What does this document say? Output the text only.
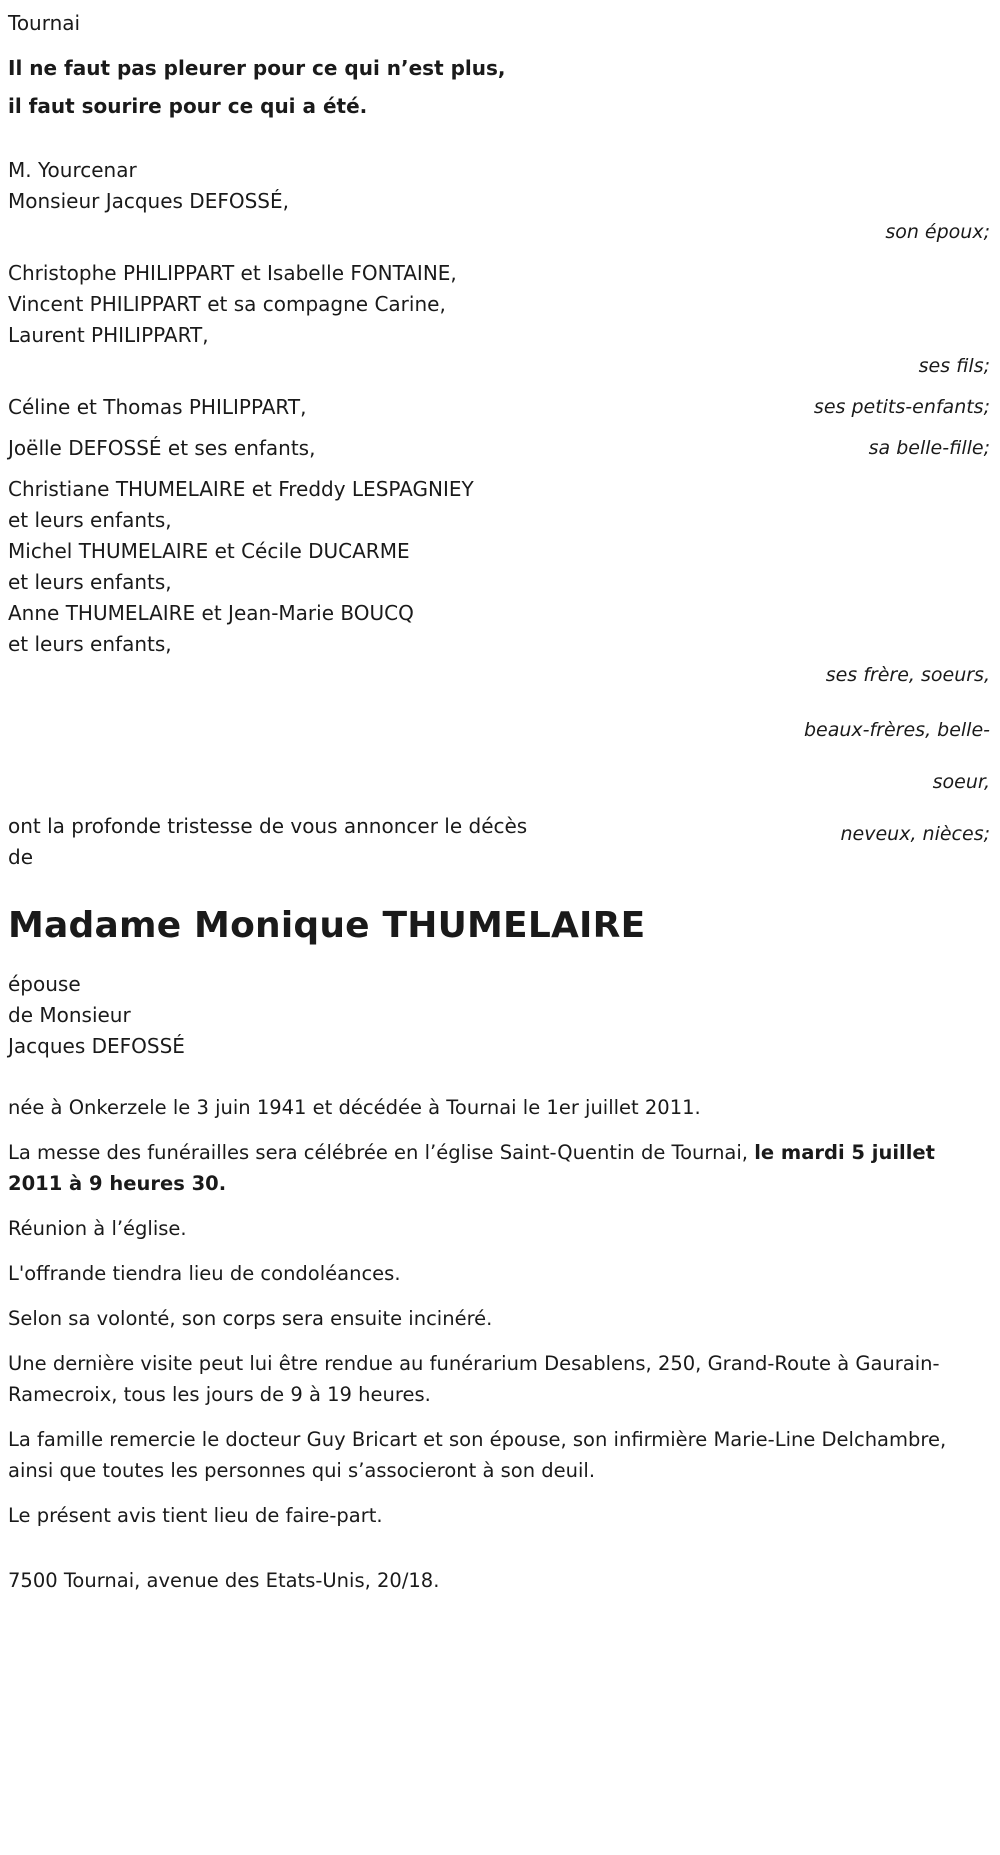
Tournai
Il ne faut pas pleurer pour ce qui n’est plus,
il faut sourire pour ce qui a été.
M. Yourcenar
Monsieur Jacques DEFOSSÉ,
son époux;
Christophe PHILIPPART et Isabelle FONTAINE,
Vincent PHILIPPART et sa compagne Carine,
Laurent PHILIPPART,
ses fils;
Céline et Thomas PHILIPPART,	ses petits-enfants;
Joëlle DEFOSSÉ et ses enfants,	sa belle-fille;
Christiane THUMELAIRE et Freddy LESPAGNIEY
et leurs enfants,
Michel THUMELAIRE et Cécile DUCARME
et leurs enfants,
Anne THUMELAIRE et Jean-Marie BOUCQ
et leurs enfants,
ses frère, soeurs,
ont la profonde tristesse de vous annoncer le décès
de

beaux-frères, belle-

soeur,

neveux, nièces;

Madame Monique THUMELAIRE
épouse
de Monsieur
Jacques DEFOSSÉ
née à Onkerzele le 3 juin 1941 et décédée à Tournai le 1er juillet 2011.
La messe des funérailles sera célébrée en l’église Saint-Quentin de Tournai, le mardi 5 juillet 2011 à 9 heures 30.
Réunion à l’église.
L'offrande tiendra lieu de condoléances.
Selon sa volonté, son corps sera ensuite incinéré.
Une dernière visite peut lui être rendue au funérarium Desablens, 250, Grand-Route à Gaurain-Ramecroix, tous les jours de 9 à 19 heures.
La famille remercie le docteur Guy Bricart et son épouse, son infirmière Marie-Line Delchambre, ainsi que toutes les personnes qui s’associeront à son deuil.
Le présent avis tient lieu de faire-part.
7500 Tournai, avenue des Etats-Unis, 20/18.
